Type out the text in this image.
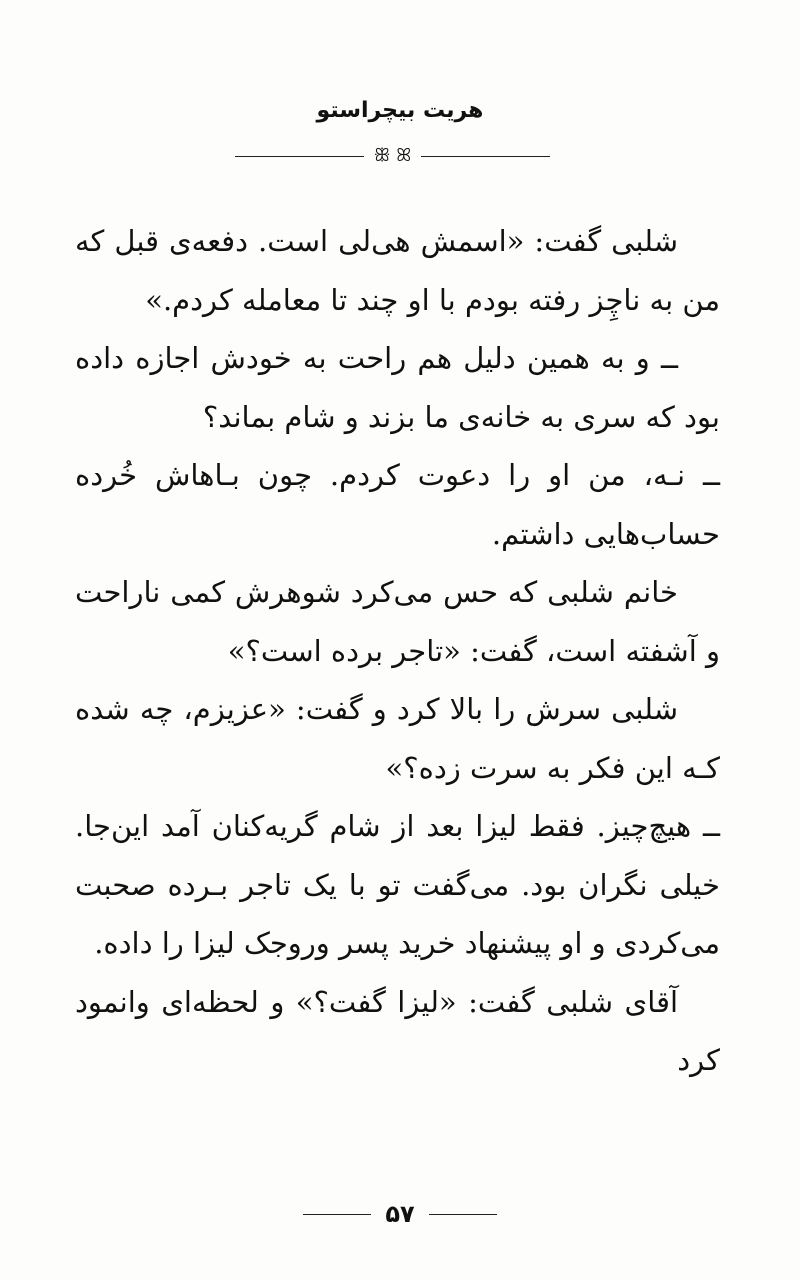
هریت بیچراستو
ꕥ ꕤ

شلبی گفت: «اسمش هی‌لی است. دفعه‌ی قبل که من به ناچِز رفته بودم با او چند تا معامله کردم.»

ــ و به همین دلیل هم راحت به خودش اجازه داده بود که سری به خانه‌ی ما بزند و شام بماند؟

ــ نـه، من او را دعوت کردم. چون بـاهاش خُرده حساب‌هایی داشتم.

خانم شلبی که حس می‌کرد شوهرش کمی ناراحت و آشفته است، گفت: «تاجر برده است؟»

شلبی سرش را بالا کرد و گفت: «عزیزم، چه شده کـه این فکر به سرت زده؟»

ــ هیچ‌چیز. فقط لیزا بعد از شام گریه‌کنان آمد این‌جا. خیلی نگران بود. می‌گفت تو با یک تاجر بـرده صحبت می‌کردی و او پیشنهاد خرید پسر وروجک لیزا را داده.

آقای شلبی گفت: «لیزا گفت؟» و لحظه‌ای وانمود کرد

۵۷
